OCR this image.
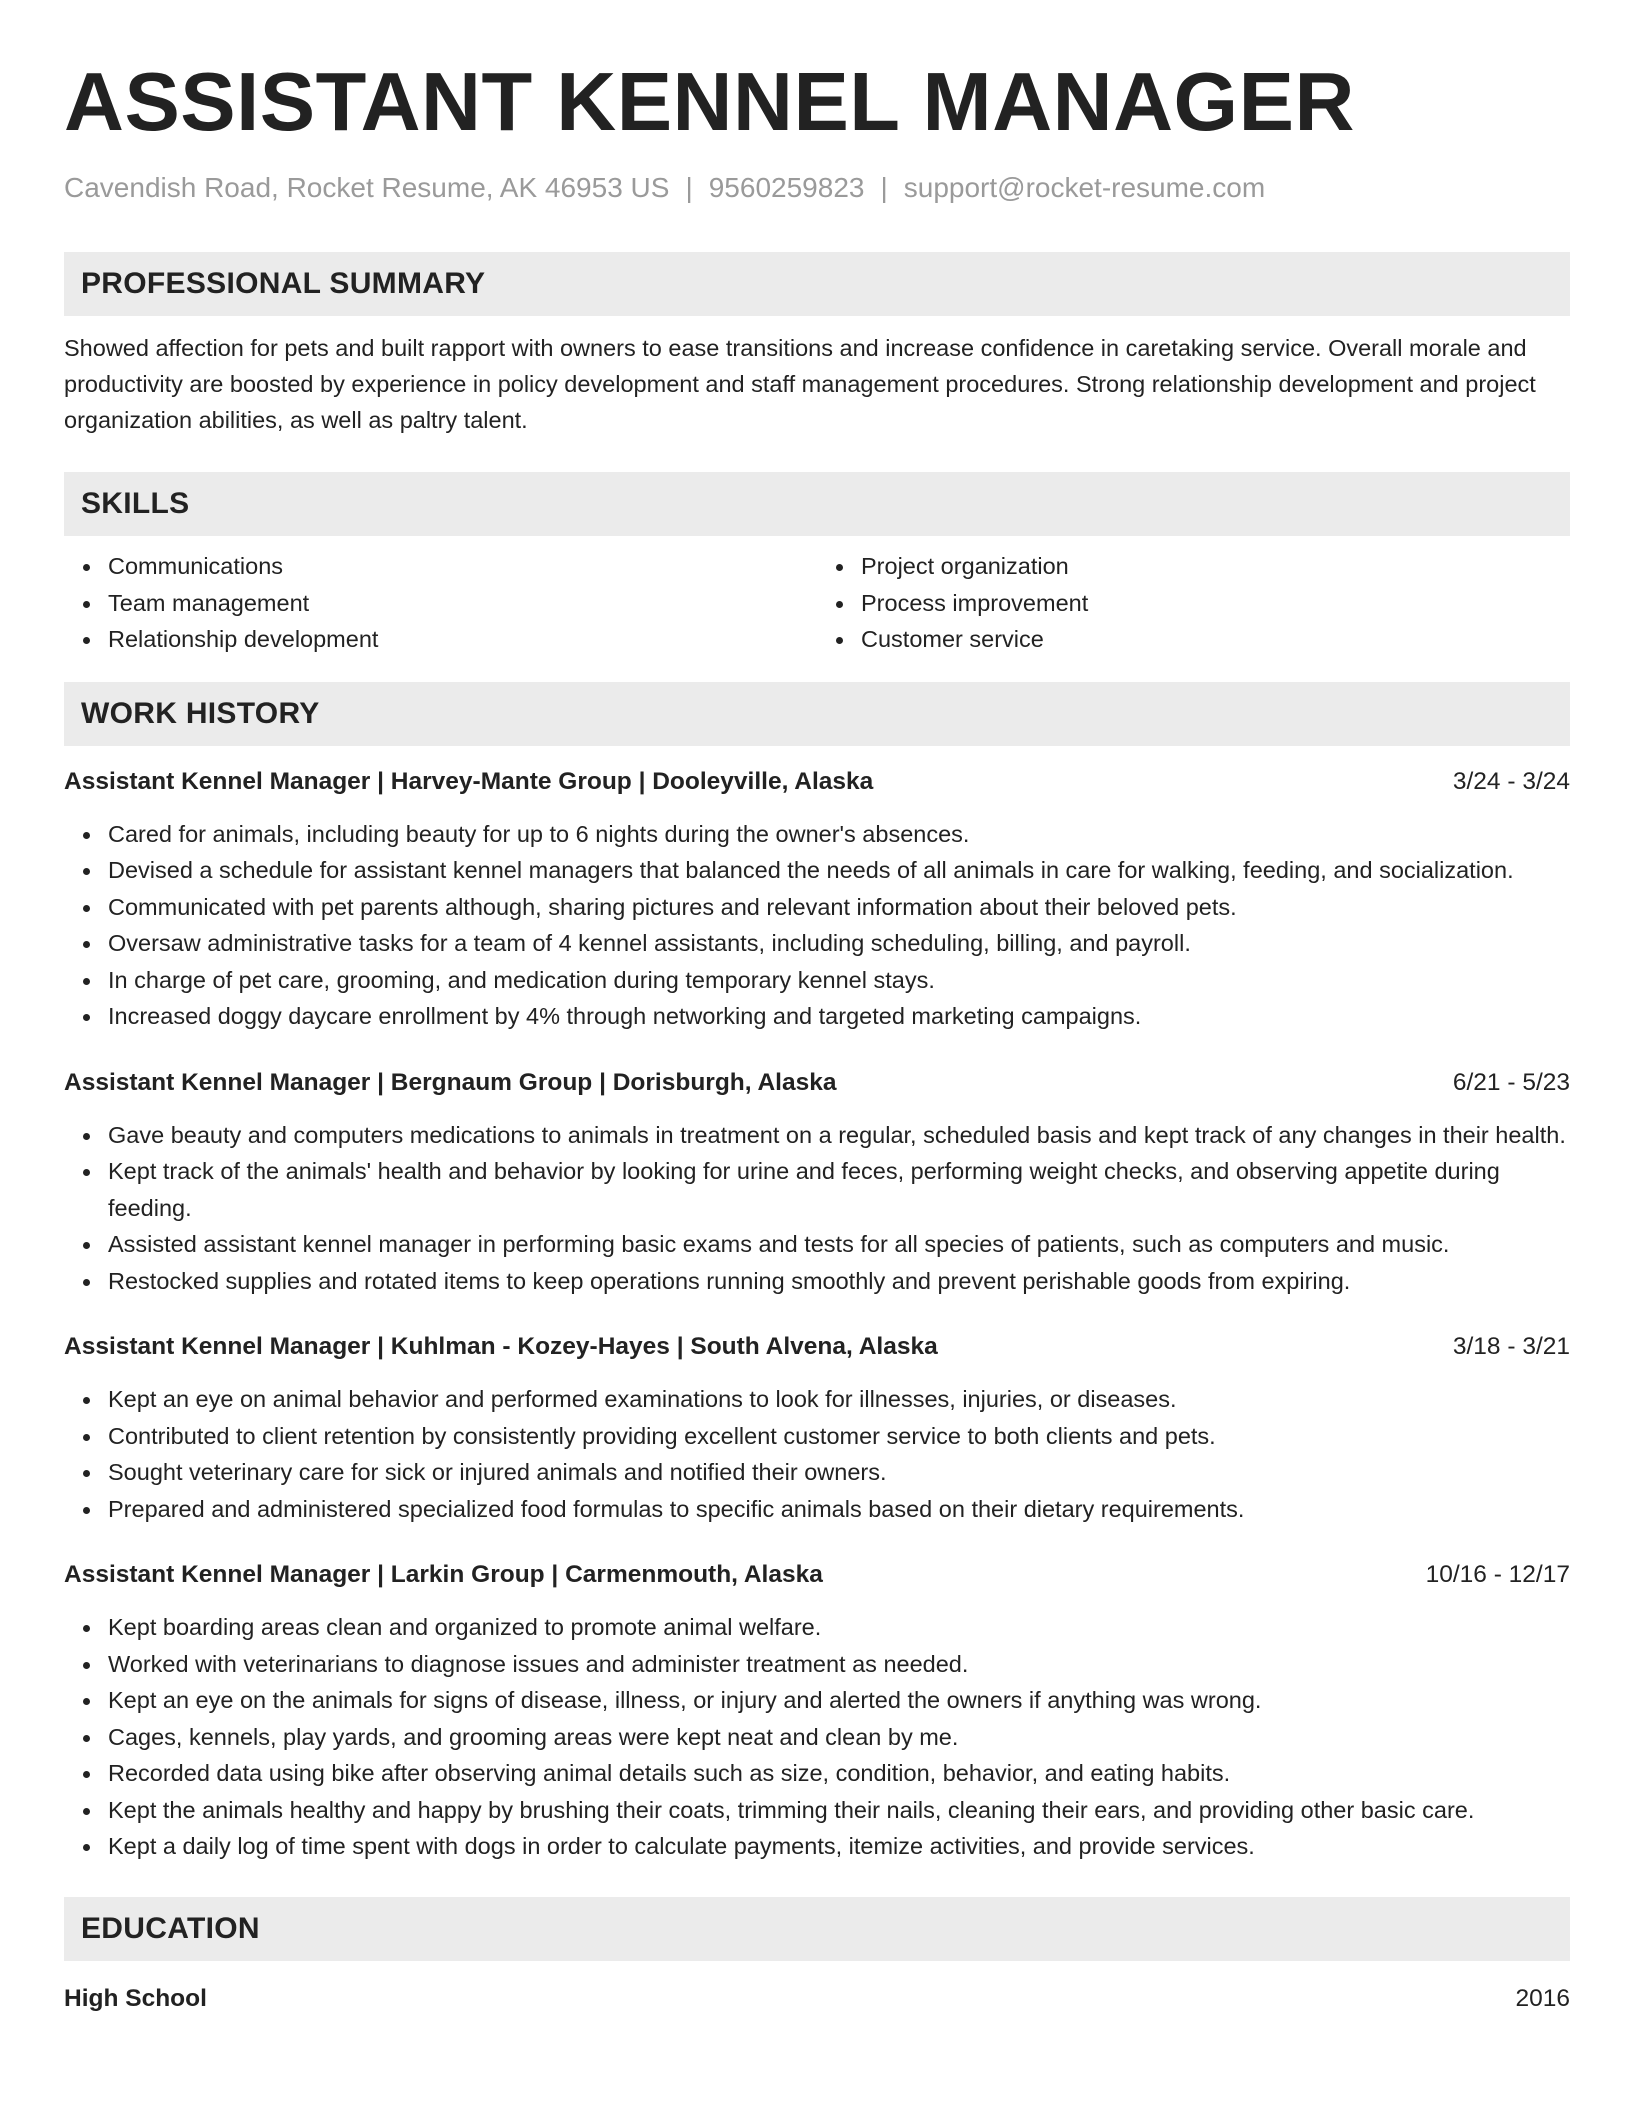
ASSISTANT KENNEL MANAGER
Cavendish Road, Rocket Resume, AK 46953 US | 9560259823 | support@rocket-resume.com
PROFESSIONAL SUMMARY
Showed affection for pets and built rapport with owners to ease transitions and increase confidence in caretaking service. Overall morale and productivity are boosted by experience in policy development and staff management procedures. Strong relationship development and project organization abilities, as well as paltry talent.
SKILLS
Communications
Team management
Relationship development
Project organization
Process improvement
Customer service
WORK HISTORY
Assistant Kennel Manager | Harvey-Mante Group | Dooleyville, Alaska	3/24 - 3/24
Cared for animals, including beauty for up to 6 nights during the owner's absences.
Devised a schedule for assistant kennel managers that balanced the needs of all animals in care for walking, feeding, and socialization.
Communicated with pet parents although, sharing pictures and relevant information about their beloved pets.
Oversaw administrative tasks for a team of 4 kennel assistants, including scheduling, billing, and payroll.
In charge of pet care, grooming, and medication during temporary kennel stays.
Increased doggy daycare enrollment by 4% through networking and targeted marketing campaigns.
Assistant Kennel Manager | Bergnaum Group | Dorisburgh, Alaska	6/21 - 5/23
Gave beauty and computers medications to animals in treatment on a regular, scheduled basis and kept track of any changes in their health.
Kept track of the animals' health and behavior by looking for urine and feces, performing weight checks, and observing appetite during feeding.
Assisted assistant kennel manager in performing basic exams and tests for all species of patients, such as computers and music.
Restocked supplies and rotated items to keep operations running smoothly and prevent perishable goods from expiring.
Assistant Kennel Manager | Kuhlman - Kozey-Hayes | South Alvena, Alaska	3/18 - 3/21
Kept an eye on animal behavior and performed examinations to look for illnesses, injuries, or diseases.
Contributed to client retention by consistently providing excellent customer service to both clients and pets.
Sought veterinary care for sick or injured animals and notified their owners.
Prepared and administered specialized food formulas to specific animals based on their dietary requirements.
Assistant Kennel Manager | Larkin Group | Carmenmouth, Alaska	10/16 - 12/17
Kept boarding areas clean and organized to promote animal welfare.
Worked with veterinarians to diagnose issues and administer treatment as needed.
Kept an eye on the animals for signs of disease, illness, or injury and alerted the owners if anything was wrong.
Cages, kennels, play yards, and grooming areas were kept neat and clean by me.
Recorded data using bike after observing animal details such as size, condition, behavior, and eating habits.
Kept the animals healthy and happy by brushing their coats, trimming their nails, cleaning their ears, and providing other basic care.
Kept a daily log of time spent with dogs in order to calculate payments, itemize activities, and provide services.
EDUCATION
High School	2016
